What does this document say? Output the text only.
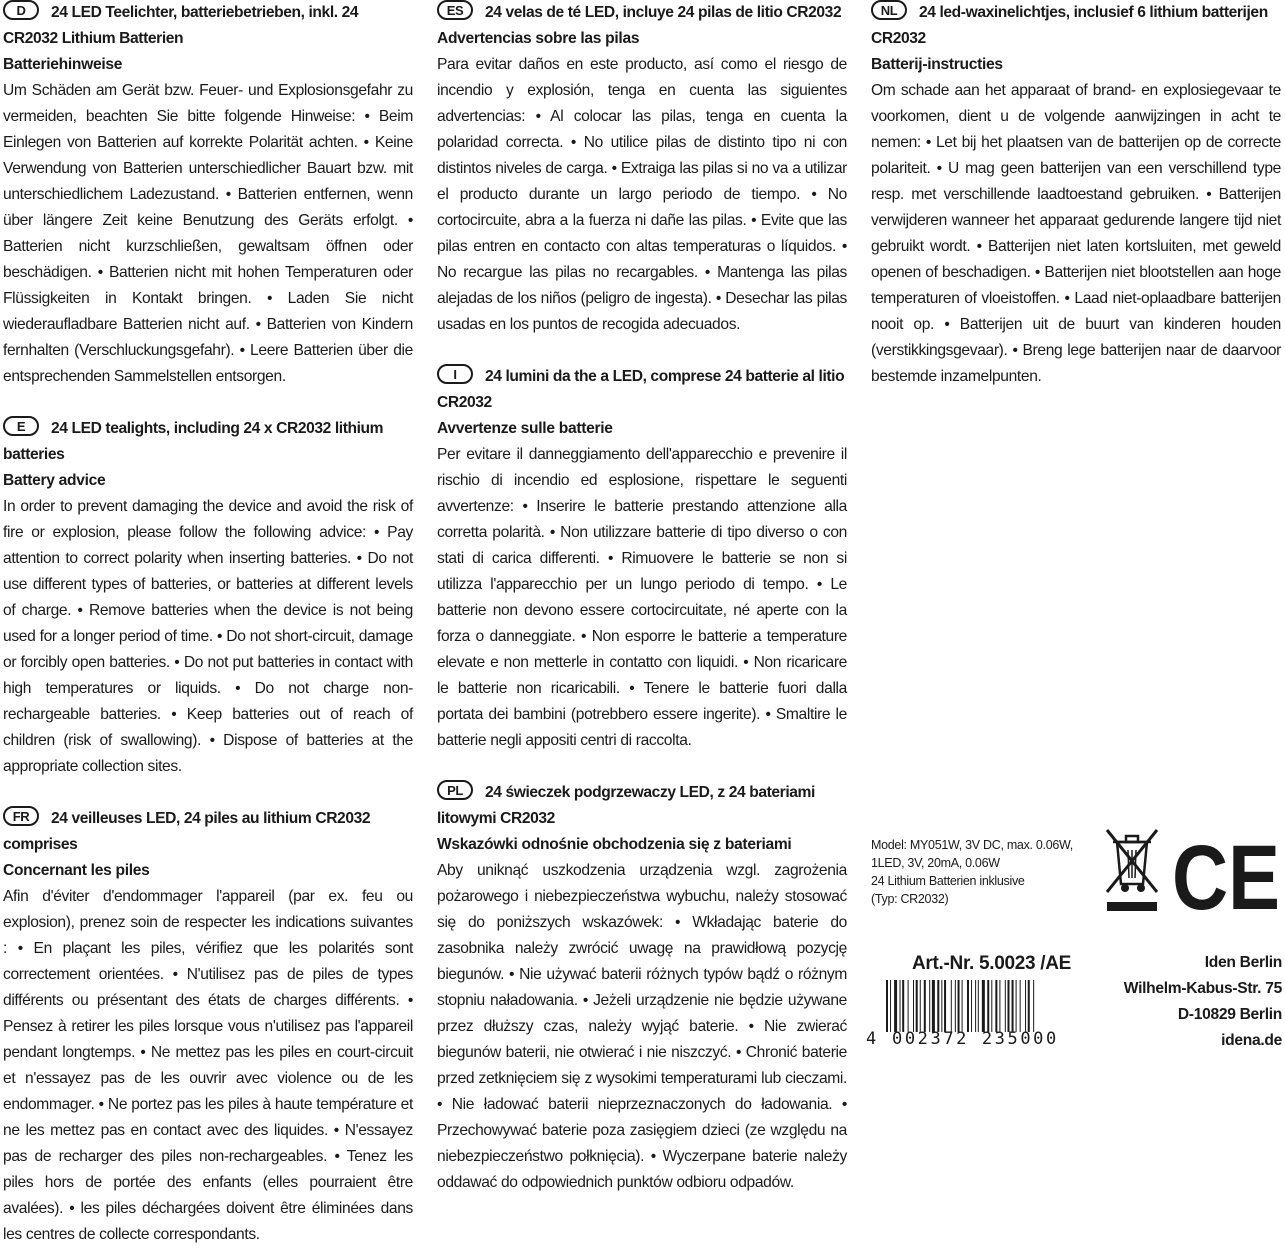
D 24 LED Teelichter, batteriebetrieben, inkl. 24 CR2032 Lithium Batterien
Batteriehinweise

Um Schäden am Gerät bzw. Feuer- und Explosionsgefahr zu vermeiden, beachten Sie bitte folgende Hinweise: • Beim Einlegen von Batterien auf korrekte Polarität achten. • Keine Verwendung von Batterien unterschiedlicher Bauart bzw. mit unterschiedlichem Ladezustand. • Batterien entfernen, wenn über längere Zeit keine Benutzung des Geräts erfolgt. • Batterien nicht kurzschließen, gewaltsam öffnen oder beschädigen. • Batterien nicht mit hohen Temperaturen oder Flüssigkeiten in Kontakt bringen. • Laden Sie nicht wiederaufladbare Batterien nicht auf. • Batterien von Kindern fernhalten (Verschluckungsgefahr). • Leere Batterien über die entsprechenden Sammelstellen entsorgen.

E 24 LED tealights, including 24 x CR2032 lithium batteries
Battery advice

In order to prevent damaging the device and avoid the risk of fire or explosion, please follow the following advice: • Pay attention to correct polarity when inserting batteries. • Do not use different types of batteries, or batteries at different levels of charge. • Remove batteries when the device is not being used for a longer period of time. • Do not short-circuit, damage or forcibly open batteries. • Do not put batteries in contact with high temperatures or liquids. • Do not charge non-rechargeable batteries. • Keep batteries out of reach of children (risk of swallowing). • Dispose of batteries at the appropriate collection sites.

FR 24 veilleuses LED, 24 piles au lithium CR2032 comprises
Concernant les piles

Afin d'éviter d'endommager l'appareil (par ex. feu ou explosion), prenez soin de respecter les indications suivantes : • En plaçant les piles, vérifiez que les polarités sont correctement orientées. • N'utilisez pas de piles de types différents ou présentant des états de charges différents. • Pensez à retirer les piles lorsque vous n'utilisez pas l'appareil pendant longtemps. • Ne mettez pas les piles en court-circuit et n'essayez pas de les ouvrir avec violence ou de les endommager. • Ne portez pas les piles à haute température et ne les mettez pas en contact avec des liquides. • N'essayez pas de recharger des piles non-rechargeables. • Tenez les piles hors de portée des enfants (elles pourraient être avalées). • les piles déchargées doivent être éliminées dans les centres de collecte correspondants.

ES 24 velas de té LED, incluye 24 pilas de litio CR2032
Advertencias sobre las pilas

Para evitar daños en este producto, así como el riesgo de incendio y explosión, tenga en cuenta las siguientes advertencias: • Al colocar las pilas, tenga en cuenta la polaridad correcta. • No utilice pilas de distinto tipo ni con distintos niveles de carga. • Extraiga las pilas si no va a utilizar el producto durante un largo periodo de tiempo. • No cortocircuite, abra a la fuerza ni dañe las pilas. • Evite que las pilas entren en contacto con altas temperaturas o líquidos. • No recargue las pilas no recargables. • Mantenga las pilas alejadas de los niños (peligro de ingesta). • Desechar las pilas usadas en los puntos de recogida adecuados.

I 24 lumini da the a LED, comprese 24 batterie al litio CR2032
Avvertenze sulle batterie

Per evitare il danneggiamento dell'apparecchio e prevenire il rischio di incendio ed esplosione, rispettare le seguenti avvertenze: • Inserire le batterie prestando attenzione alla corretta polarità. • Non utilizzare batterie di tipo diverso o con stati di carica differenti. • Rimuovere le batterie se non si utilizza l'apparecchio per un lungo periodo di tempo. • Le batterie non devono essere cortocircuitate, né aperte con la forza o danneggiate. • Non esporre le batterie a temperature elevate e non metterle in contatto con liquidi. • Non ricaricare le batterie non ricaricabili. • Tenere le batterie fuori dalla portata dei bambini (potrebbero essere ingerite). • Smaltire le batterie negli appositi centri di raccolta.

PL 24 świeczek podgrzewaczy LED, z 24 bateriami litowymi CR2032
Wskazówki odnośnie obchodzenia się z bateriami

Aby uniknąć uszkodzenia urządzenia wzgl. zagrożenia pożarowego i niebezpieczeństwa wybuchu, należy stosować się do poniższych wskazówek: • Wkładając baterie do zasobnika należy zwrócić uwagę na prawidłową pozycję biegunów. • Nie używać baterii różnych typów bądź o różnym stopniu naładowania. • Jeżeli urządzenie nie będzie używane przez dłuższy czas, należy wyjąć baterie. • Nie zwierać biegunów baterii, nie otwierać i nie niszczyć. • Chronić baterie przed zetknięciem się z wysokimi temperaturami lub cieczami. • Nie ładować baterii nieprzeznaczonych do ładowania. • Przechowywać baterie poza zasięgiem dzieci (ze względu na niebezpieczeństwo połknięcia). • Wyczerpane baterie należy oddawać do odpowiednich punktów odbioru odpadów.

NL 24 led-waxinelichtjes, inclusief 6 lithium batterijen CR2032
Batterij-instructies

Om schade aan het apparaat of brand- en explosiegevaar te voorkomen, dient u de volgende aanwijzingen in acht te nemen: • Let bij het plaatsen van de batterijen op de correcte polariteit. • U mag geen batterijen van een verschillend type resp. met verschillende laadtoestand gebruiken. • Batterijen verwijderen wanneer het apparaat gedurende langere tijd niet gebruikt wordt. • Batterijen niet laten kortsluiten, met geweld openen of beschadigen. • Batterijen niet blootstellen aan hoge temperaturen of vloeistoffen. • Laad niet-oplaadbare batterijen nooit op. • Batterijen uit de buurt van kinderen houden (verstikkingsgevaar). • Breng lege batterijen naar de daarvoor bestemde inzamelpunten.

Model: MY051W, 3V DC, max. 0.06W,
1LED, 3V, 20mA, 0.06W
24 Lithium Batterien inklusive
(Typ: CR2032)	CE
Art.-Nr. 5.0023 /AE
4 002372 235000
Iden Berlin
Wilhelm-Kabus-Str. 75
D-10829 Berlin
idena.de
